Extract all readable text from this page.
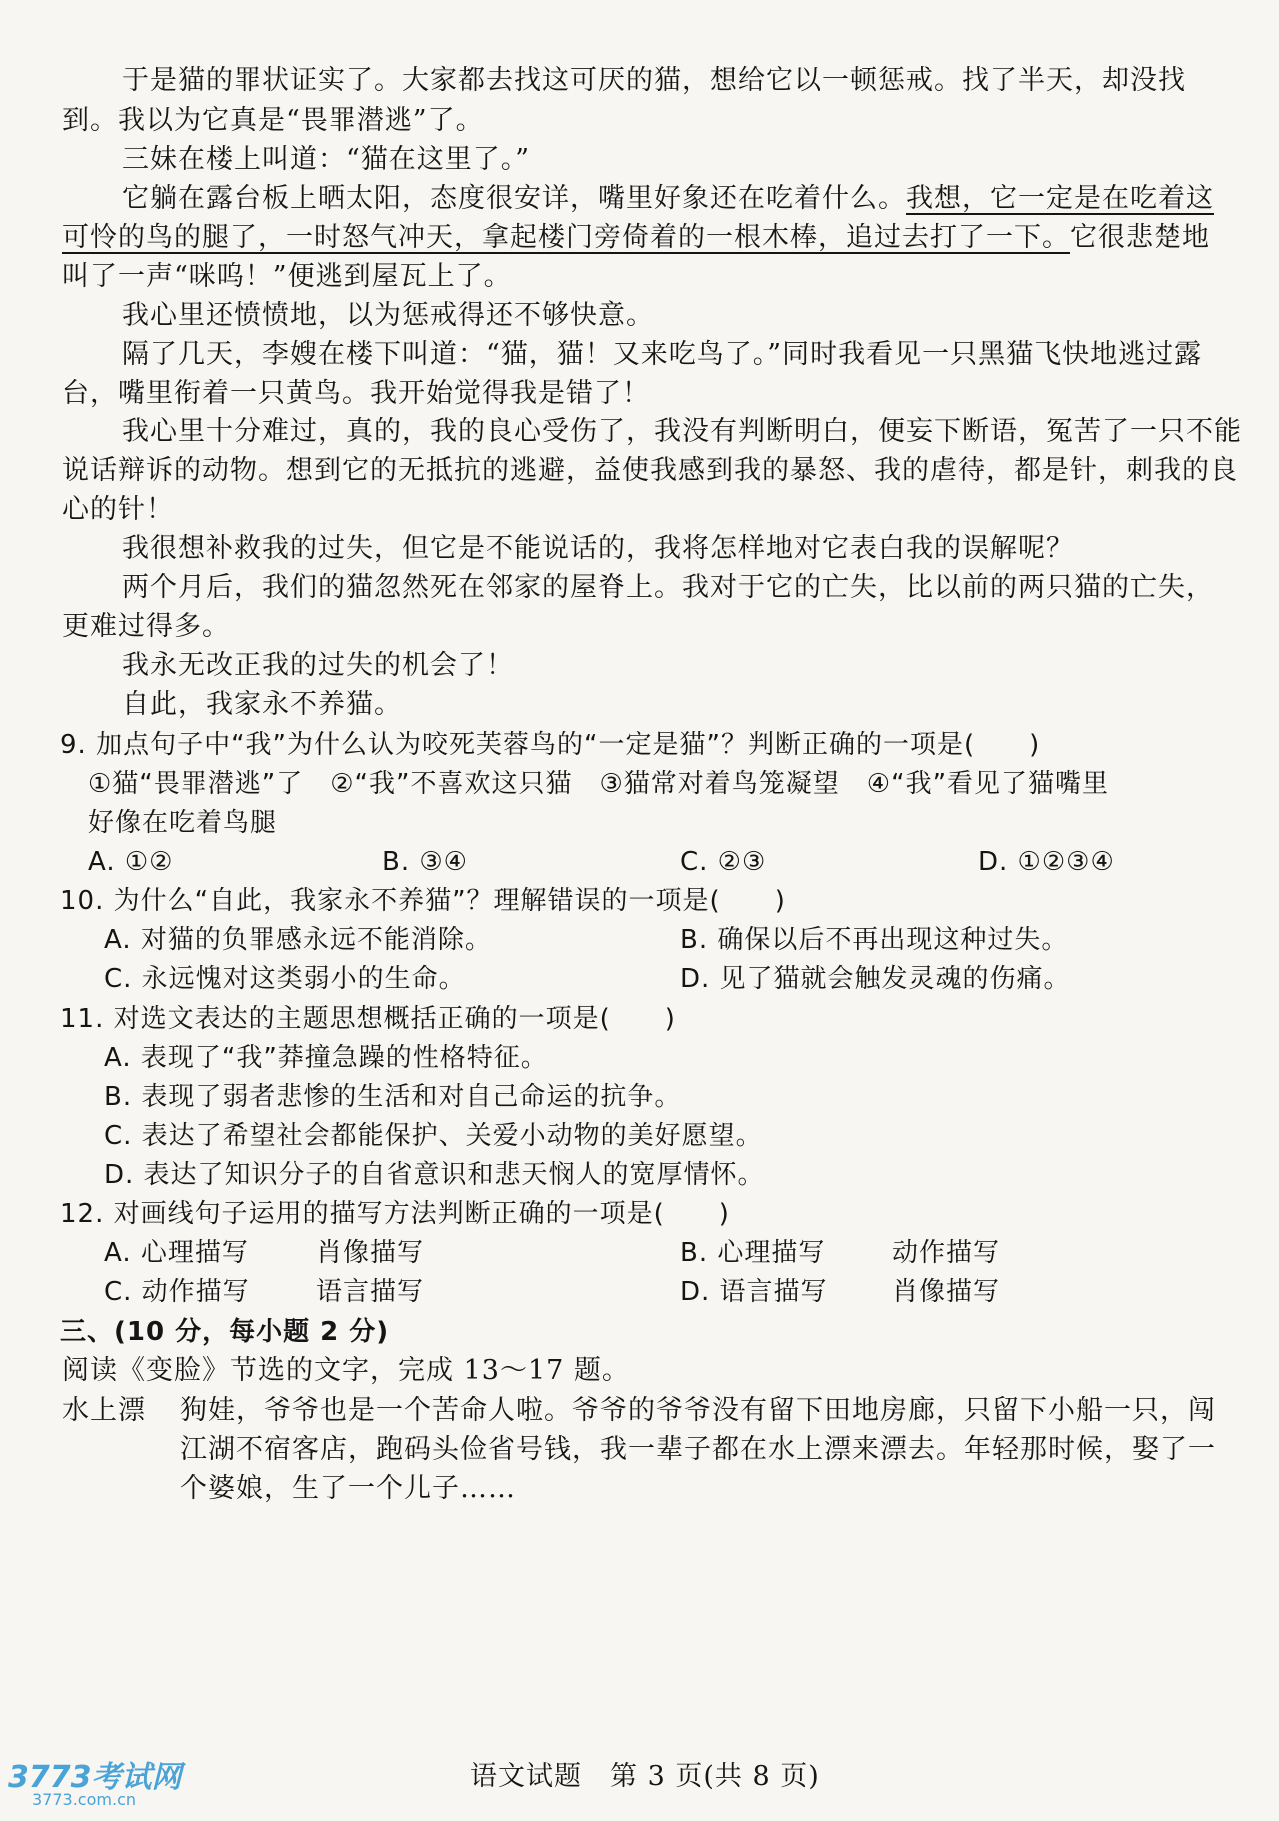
于是猫的罪状证实了。大家都去找这可厌的猫，想给它以一顿惩戒。找了半天，却没找
到。我以为它真是“畏罪潜逃”了。
三妹在楼上叫道：“猫在这里了。”
它躺在露台板上晒太阳，态度很安详，嘴里好象还在吃着什么。我想，它一定是在吃着这
可怜的鸟的腿了，一时怒气冲天，拿起楼门旁倚着的一根木棒，追过去打了一下。它很悲楚地
叫了一声“咪呜！”便逃到屋瓦上了。
我心里还愤愤地，以为惩戒得还不够快意。
隔了几天，李嫂在楼下叫道：“猫，猫！又来吃鸟了。”同时我看见一只黑猫飞快地逃过露
台，嘴里衔着一只黄鸟。我开始觉得我是错了！
我心里十分难过，真的，我的良心受伤了，我没有判断明白，便妄下断语，冤苦了一只不能
说话辩诉的动物。想到它的无抵抗的逃避，益使我感到我的暴怒、我的虐待，都是针，刺我的良
心的针！
我很想补救我的过失，但它是不能说话的，我将怎样地对它表白我的误解呢？
两个月后，我们的猫忽然死在邻家的屋脊上。我对于它的亡失，比以前的两只猫的亡失，
更难过得多。
我永无改正我的过失的机会了！
自此，我家永不养猫。
9. 加点句子中“我”为什么认为咬死芙蓉鸟的“一定是猫”？判断正确的一项是(　　)
①猫“畏罪潜逃”了　②“我”不喜欢这只猫　③猫常对着鸟笼凝望　④“我”看见了猫嘴里
好像在吃着鸟腿
A. ①②	B. ③④	C. ②③	D. ①②③④
10. 为什么“自此，我家永不养猫”？理解错误的一项是(　　)
A. 对猫的负罪感永远不能消除。	B. 确保以后不再出现这种过失。
C. 永远愧对这类弱小的生命。	D. 见了猫就会触发灵魂的伤痛。
11. 对选文表达的主题思想概括正确的一项是(　　)
A. 表现了“我”莽撞急躁的性格特征。
B. 表现了弱者悲惨的生活和对自己命运的抗争。
C. 表达了希望社会都能保护、关爱小动物的美好愿望。
D. 表达了知识分子的自省意识和悲天悯人的宽厚情怀。
12. 对画线句子运用的描写方法判断正确的一项是(　　)
A. 心理描写	肖像描写	B. 心理描写	动作描写
C. 动作描写	语言描写	D. 语言描写 肖像描写
三、(10 分，每小题 2 分)
阅读《变脸》节选的文字，完成 13～17 题。
水上漂 狗娃，爷爷也是一个苦命人啦。爷爷的爷爷没有留下田地房廊，只留下小船一只，闯
江湖不宿客店，跑码头俭省号钱，我一辈子都在水上漂来漂去。年轻那时候，娶了一
个婆娘，生了一个儿子……
语文试题　第 3 页(共 8 页)
3773考试网
3773.com.cn
